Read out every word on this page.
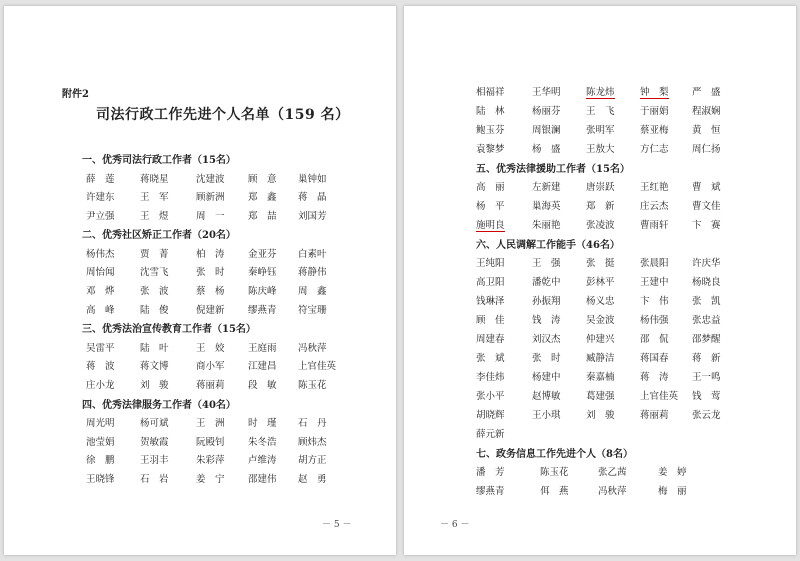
附件2
司法行政工作先进个人名单（159 名）
一、优秀司法行政工作者（15名）
薛　莲	蒋晓星	沈建波 顾　意 巢钟如
许建东	王　军	顾新洲 郑　鑫 蒋　晶
尹立强	王　煜	周　一 郑　喆 刘国芳
二、优秀社区矫正工作者（20名）
杨伟杰	贾　菁	柏　涛 金亚芬 白素叶
周怡闻	沈雪飞	张　时 秦峥钰 蒋静伟
邓　烨	张　波	蔡　杨 陈庆峰 周　鑫
高　峰	陆　俊	倪建新 缪燕青 符宝珊
三、优秀法治宣传教育工作者（15名）
吴雷平	陆　叶	王　姣 王庭雨 冯秋萍
蒋　波	蒋文博	商小军 江建昌 上官佳英
庄小龙	刘　骏	蒋丽莉 段　敏 陈玉花
四、优秀法律服务工作者（40名）
周光明	杨可斌	王　洲 时　瑾 石　丹
池莹娟	贺敏霞	阮殿钊 朱冬浩 顾炜杰
徐　鹏	王羽丰	朱彩萍 卢维涛 胡方正
王晓锋	石　岩	姜　宁 邵建伟 赵　勇
－ 5 －
相福祥	王华明	陈龙炜	钟　梨 严　盛
陆　林	杨丽芬	王　飞	于丽娟 程淑娴
鲍玉芬	周银澜	张明军	蔡亚梅 黄　恒
袁黎梦	杨　盛	王敖大	方仁志 周仁扬
五、优秀法律援助工作者（15名）
高　丽	左新建	唐崇跃	王红艳 曹　斌
杨　平	巢海英	郑　新	庄云杰 曹文佳
施明良	朱丽艳	张凌波	曹雨轩 卞　赛
六、人民调解工作能手（46名）
王纯阳	王　强	张　挺	张晨阳 许庆华
高卫阳	潘乾中	彭林平	王建中 杨晓良
钱琳泽	孙振翔	杨义忠	卞　伟 张　凯
顾　佳	钱　涛	吴金波	杨伟强 张忠益
周建春	刘汉杰	仲建兴	邵　侃 邵梦醒
张　斌	张　时	臧静洁	蒋国春 蒋　新
李佳炜	杨建中	秦嘉楠	蒋　涛 王一鸣
张小平	赵博敏	葛建强	上官佳英 钱　莺
胡晓辉	王小琪	刘　骏	蒋丽莉 张云龙
薛元新
七、政务信息工作先进个人（8名）
潘　芳	陈玉花	张乙茜	姜　婷
缪燕青	佴　燕	冯秋萍	梅　丽
－ 6 －
